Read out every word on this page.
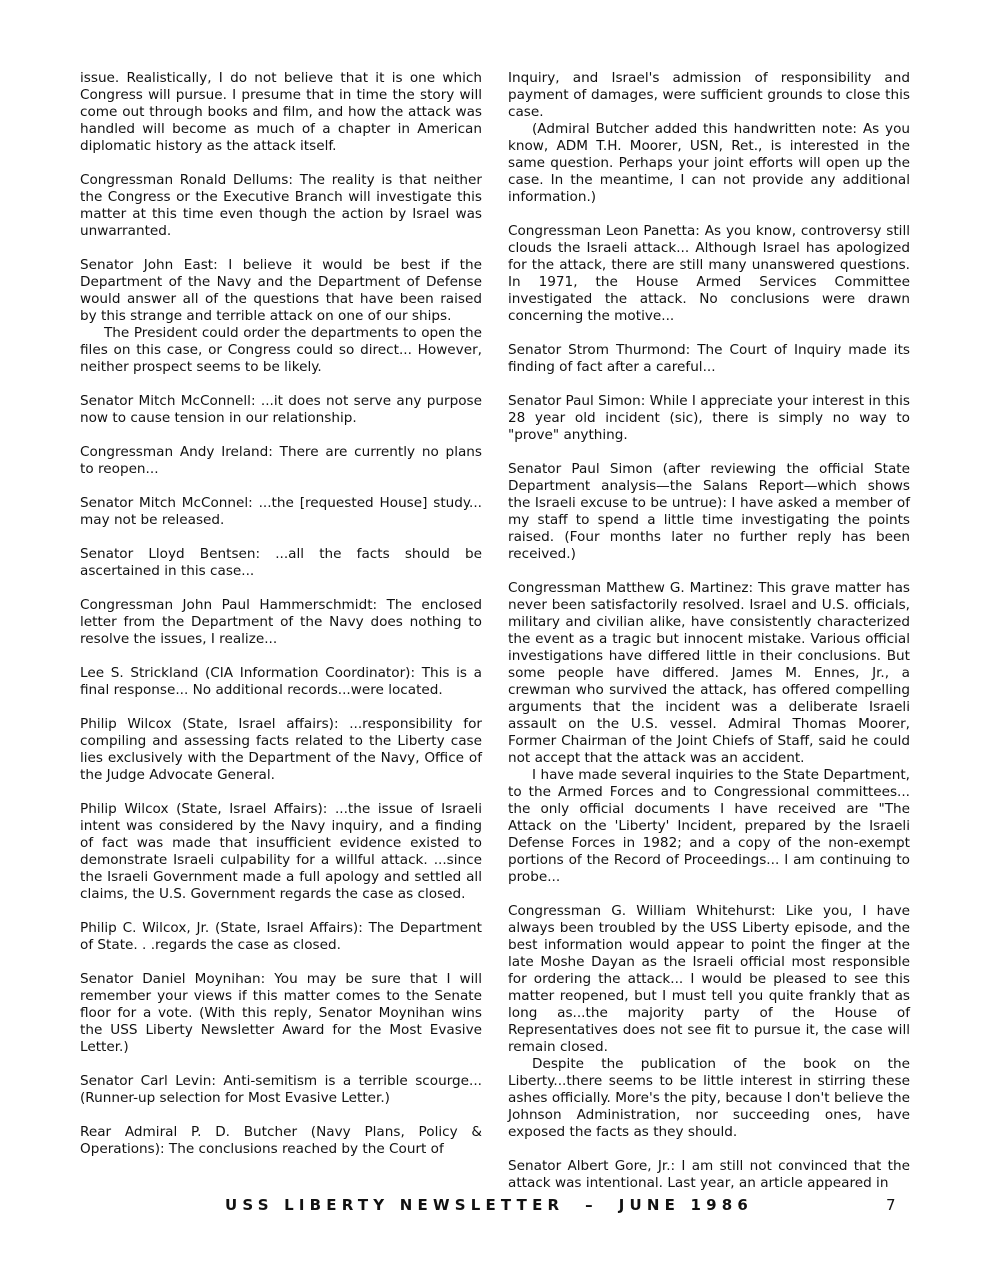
issue. Realistically, I do not believe that it is one which Congress will pursue. I presume that in time the story will come out through books and film, and how the attack was handled will become as much of a chapter in American diplomatic history as the attack itself.

Congressman Ronald Dellums: The reality is that neither the Congress or the Executive Branch will investigate this matter at this time even though the action by Israel was unwarranted.

Senator John East: I believe it would be best if the Department of the Navy and the Department of Defense would answer all of the questions that have been raised by this strange and terrible attack on one of our ships.

The President could order the departments to open the files on this case, or Congress could so direct... However, neither prospect seems to be likely.

Senator Mitch McConnell: ...it does not serve any purpose now to cause tension in our relationship.

Congressman Andy Ireland: There are currently no plans to reopen...

Senator Mitch McConnel: ...the [requested House] study... may not be released.

Senator Lloyd Bentsen: ...all the facts should be ascertained in this case...

Congressman John Paul Hammerschmidt: The enclosed letter from the Department of the Navy does nothing to resolve the issues, I realize...

Lee S. Strickland (CIA Information Coordinator): This is a final response... No additional records...were located.

Philip Wilcox (State, Israel affairs): ...responsibility for compiling and assessing facts related to the Liberty case lies exclusively with the Department of the Navy, Office of the Judge Advocate General.

Philip Wilcox (State, Israel Affairs): ...the issue of Israeli intent was considered by the Navy inquiry, and a finding of fact was made that insufficient evidence existed to demonstrate Israeli culpability for a willful attack. ...since the Israeli Government made a full apology and settled all claims, the U.S. Government regards the case as closed.

Philip C. Wilcox, Jr. (State, Israel Affairs): The Department of State. . .regards the case as closed.

Senator Daniel Moynihan: You may be sure that I will remember your views if this matter comes to the Senate floor for a vote. (With this reply, Senator Moynihan wins the USS Liberty Newsletter Award for the Most Evasive Letter.)

Senator Carl Levin: Anti-semitism is a terrible scourge... (Runner-up selection for Most Evasive Letter.)

Rear Admiral P. D. Butcher (Navy Plans, Policy & Operations): The conclusions reached by the Court of

Inquiry, and Israel's admission of responsibility and payment of damages, were sufficient grounds to close this case.

(Admiral Butcher added this handwritten note: As you know, ADM T.H. Moorer, USN, Ret., is interested in the same question. Perhaps your joint efforts will open up the case. In the meantime, I can not provide any additional information.)

Congressman Leon Panetta: As you know, controversy still clouds the Israeli attack... Although Israel has apologized for the attack, there are still many unanswered questions. In 1971, the House Armed Services Committee investigated the attack. No conclusions were drawn concerning the motive...

Senator Strom Thurmond: The Court of Inquiry made its finding of fact after a careful...

Senator Paul Simon: While I appreciate your interest in this 28 year old incident (sic), there is simply no way to "prove" anything.

Senator Paul Simon (after reviewing the official State Department analysis—the Salans Report—which shows the Israeli excuse to be untrue): I have asked a member of my staff to spend a little time investigating the points raised. (Four months later no further reply has been received.)

Congressman Matthew G. Martinez: This grave matter has never been satisfactorily resolved. Israel and U.S. officials, military and civilian alike, have consistently characterized the event as a tragic but innocent mistake. Various official investigations have differed little in their conclusions. But some people have differed. James M. Ennes, Jr., a crewman who survived the attack, has offered compelling arguments that the incident was a deliberate Israeli assault on the U.S. vessel. Admiral Thomas Moorer, Former Chairman of the Joint Chiefs of Staff, said he could not accept that the attack was an accident.

I have made several inquiries to the State Department, to the Armed Forces and to Congressional committees... the only official documents I have received are "The Attack on the 'Liberty' Incident, prepared by the Israeli Defense Forces in 1982; and a copy of the non-exempt portions of the Record of Proceedings... I am continuing to probe...

Congressman G. William Whitehurst: Like you, I have always been troubled by the USS Liberty episode, and the best information would appear to point the finger at the late Moshe Dayan as the Israeli official most responsible for ordering the attack... I would be pleased to see this matter reopened, but I must tell you quite frankly that as long as...the majority party of the House of Representatives does not see fit to pursue it, the case will remain closed.

Despite the publication of the book on the Liberty...there seems to be little interest in stirring these ashes officially. More's the pity, because I don't believe the Johnson Administration, nor succeeding ones, have exposed the facts as they should.

Senator Albert Gore, Jr.: I am still not convinced that the attack was intentional. Last year, an article appeared in

USS LIBERTY NEWSLETTER  –  JUNE 1986	7
